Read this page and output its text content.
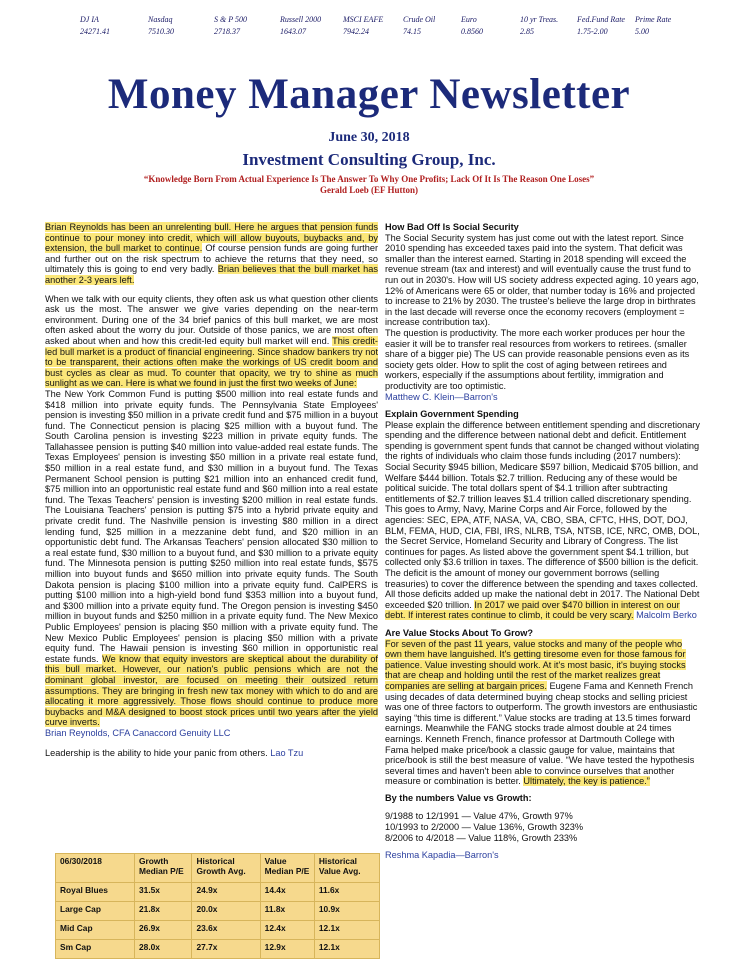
DJ IA
24271.41
Nasdaq
7510.30
S & P 500
2718.37
Russell 2000
1643.07
MSCI EAFE
7942.24
Crude Oil
74.15
Euro
0.8560
10 yr Treas.
2.85
Fed.Fund Rate
1.75-2.00
Prime Rate
5.00
Money Manager Newsletter
June 30, 2018
Investment Consulting Group, Inc.
“Knowledge Born From Actual Experience Is The Answer To Why One Profits; Lack Of It Is The Reason One Loses”
Gerald Loeb (EF Hutton)

Brian Reynolds has been an unrelenting bull. Here he argues that pension funds continue to pour money into credit, which will allow buyouts, buybacks and, by extension, the bull market to continue. Of course pension funds are going further and further out on the risk spectrum to achieve the returns that they need, so ultimately this is going to end very badly. Brian believes that the bull market has another 2-3 years left.

When we talk with our equity clients, they often ask us what question other clients ask us the most. The answer we give varies depending on the near-term environment. During one of the 34 brief panics of this bull market, we are most often asked about the worry du jour. Outside of those panics, we are most often asked about when and how this credit-led equity bull market will end. This credit-led bull market is a product of financial engineering. Since shadow bankers try not to be transparent, their actions often make the workings of US credit boom and bust cycles as clear as mud. To counter that opacity, we try to shine as much sunlight as we can. Here is what we found in just the first two weeks of June:

The New York Common Fund is putting $500 million into real estate funds and $418 million into private equity funds. The Pennsylvania State Employees' pension is investing $50 million in a private credit fund and $75 million in a buyout fund. The Connecticut pension is placing $25 million with a buyout fund. The South Carolina pension is investing $223 million in private equity funds. The Tallahassee pension is putting $40 million into value-added real estate funds. The Texas Employees' pension is investing $50 million in a private real estate fund, $50 million in a real estate fund, and $30 million in a buyout fund. The Texas Permanent School pension is putting $21 million into an enhanced credit fund, $75 million into an opportunistic real estate fund and $60 million into a real estate fund. The Texas Teachers' pension is investing $200 million in real estate funds. The Louisiana Teachers' pension is putting $75 into a hybrid private equity and private credit fund. The Nashville pension is investing $80 million in a direct lending fund, $25 million in a mezzanine debt fund, and $20 million in an opportunistic debt fund. The Arkansas Teachers' pension allocated $30 million to a real estate fund, $30 million to a buyout fund, and $30 million to a private equity fund. The Minnesota pension is putting $250 million into real estate funds, $575 million into buyout funds and $650 million into private equity funds. The South Dakota pension is placing $100 million into a private equity fund. CalPERS is putting $100 million into a high-yield bond fund $353 million into a buyout fund, and $300 million into a private equity fund. The Oregon pension is investing $450 million in buyout funds and $250 million in a private equity fund. The New Mexico Public Employees' pension is placing $50 million with a private equity fund. The New Mexico Public Employees' pension is placing $50 million with a private equity fund. The Hawaii pension is investing $60 million in opportunistic real estate funds. We know that equity investors are skeptical about the durability of this bull market. However, our nation's public pensions which are not the dominant global investor, are focused on meeting their outsized return assumptions. They are bringing in fresh new tax money with which to do and are allocating it more aggressively. Those flows should continue to produce more buybacks and M&A designed to boost stock prices until two years after the yield curve inverts.

Brian Reynolds, CFA Canaccord Genuity LLC
Leadership is the ability to hide your panic from others. Lao Tzu
06/30/2018	Growth Median P/E	Historical Growth Avg.	Value Median P/E	Historical Value Avg.
Royal Blues	31.5x	24.9x	14.4x	11.6x
Large Cap	21.8x	20.0x	11.8x	10.9x
Mid Cap	26.9x	23.6x	12.4x	12.1x
Sm Cap	28.0x	27.7x	12.9x	12.1x
How Bad Off Is Social Security
The Social Security system has just come out with the latest report. Since 2010 spending has exceeded taxes paid into the system. That deficit was smaller than the interest earned. Starting in 2018 spending will exceed the revenue stream (tax and interest) and will eventually cause the trust fund to run out in 2030's. How will US society address expected aging. 10 years ago, 12% of Americans were 65 or older, that number today is 16% and projected to increase to 21% by 2030. The trustee's believe the large drop in birthrates in the last decade will reverse once the economy recovers (employment = increase contribution tax).
The question is productivity. The more each worker produces per hour the easier it will be to transfer real resources from workers to retirees. (smaller share of a bigger pie) The US can provide reasonable pensions even as its society gets older. How to split the cost of aging between retirees and workers, especially if the assumptions about fertility, immigration and productivity are too optimistic.
Matthew C. Klein—Barron's
Explain Government Spending
Please explain the difference between entitlement spending and discretionary spending and the difference between national debt and deficit. Entitlement spending is government spent funds that cannot be changed without violating the rights of individuals who claim those funds including (2017 numbers): Social Security $945 billion, Medicare $597 billion, Medicaid $705 billion, and Welfare $444 billion. Totals $2.7 trillion. Reducing any of these would be political suicide. The total dollars spent of $4.1 trillion after subtracting entitlements of $2.7 trillion leaves $1.4 trillion called discretionary spending. This goes to Army, Navy, Marine Corps and Air Force, followed by the agencies: SEC, EPA, ATF, NASA, VA, CBO, SBA, CFTC, HHS, DOT, DOJ, BLM, FEMA, HUD, CIA, FBI, IRS, NLRB, TSA, NTSB, ICE, NRC, OMB, DOL, the Secret Service, Homeland Security and Library of Congress. The list continues for pages. As listed above the government spent $4.1 trillion, but collected only $3.6 trillion in taxes. The difference of $500 billion is the deficit. The deficit is the amount of money our government borrows (selling treasuries) to cover the difference between the spending and taxes collected. All those deficits added up make the national debt in 2017. The National Debt exceeded $20 trillion. In 2017 we paid over $470 billion in interest on our debt. If interest rates continue to climb, it could be very scary. Malcolm Berko
Are Value Stocks About To Grow?
For seven of the past 11 years, value stocks and many of the people who own them have languished. It's getting tiresome even for those famous for patience. Value investing should work. At it's most basic, it's buying stocks that are cheap and holding until the rest of the market realizes great companies are selling at bargain prices. Eugene Fama and Kenneth French using decades of data determined buying cheap stocks and selling priciest was one of three factors to outperform. The growth investors are enthusiastic saying “this time is different.” Value stocks are trading at 13.5 times forward earnings. Meanwhile the FANG stocks trade almost double at 24 times earnings. Kenneth French, finance professor at Dartmouth College with Fama helped make price/book a classic gauge for value, maintains that price/book is still the best measure of value. “We have tested the hypothesis several times and haven't been able to convince ourselves that another measure or combination is better. Ultimately, the key is patience.”
By the numbers Value vs Growth:
9/1988 to 12/1991 — Value 47%, Growth 97%
10/1993 to 2/2000 — Value 136%, Growth 323%
8/2006 to 4/2018 — Value 118%, Growth 233%
Reshma Kapadia—Barron's
